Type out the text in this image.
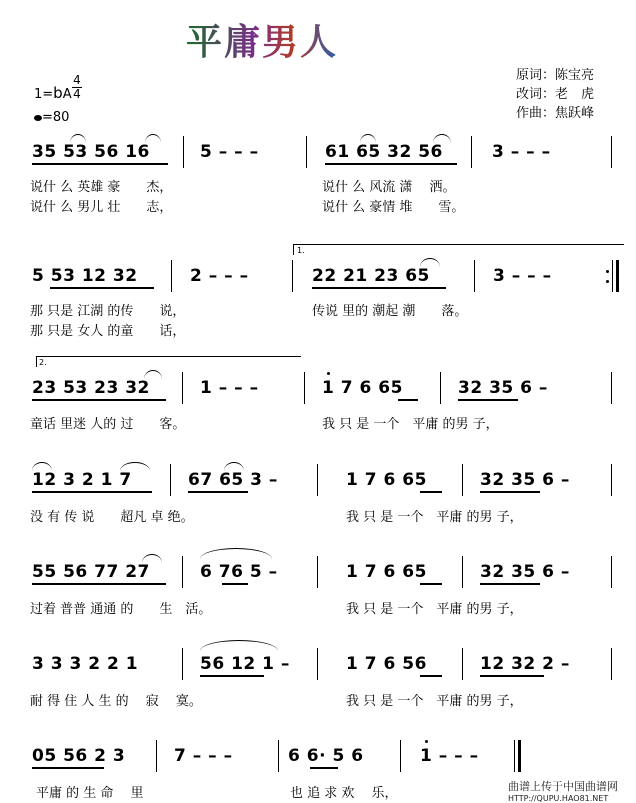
平庸男人
原词：陈宝亮
改词：老　虎
作曲：焦跃峰
1=bA
4
4
=80
35 53 56 16	5 – – –	61 65 32 56	3 – – –
说什 么 英雄 豪　　杰，	说什 么 风流 潇　 洒。
说什 么 男儿 壮　　志，	说什 么 豪情 堆　　雪。
1.
5 53 12 32	2 – – –	22 21 23 65	3 – – –
那 只是 江湖 的传　　说，	传说 里的 潮起 潮　　落。
那 只是 女人 的童　　话，
2.
23 53 23 32	1 – – –	1 7 6 65	32 35 6 –
童话 里迷 人的 过　　客。	我 只 是 一个　平庸 的男 子，
12 3 2 1 7	67 65 3 –	1 7 6 65	32 35 6 –
没 有 传 说　　超凡 卓 绝。	我 只 是 一个　平庸 的男 子，
55 56 77 27	6 76 5 –	1 7 6 65	32 35 6 –
过着 普普 通通 的　　生　活。	我 只 是 一个　平庸 的男 子，
3 3 3 2 2 1	56 12 1 –	1 7 6 56	12 32 2 –
耐 得 住 人 生 的　 寂　 寞。	我 只 是 一个　平庸 的男 子，
05 56 2 3	7 – – –	6 6· 5 6	1 – – –
平庸 的 生 命　 里	也 追 求 欢　 乐，	曲谱上传于中国曲谱网
HTTP://QUPU.HAO81.NET
